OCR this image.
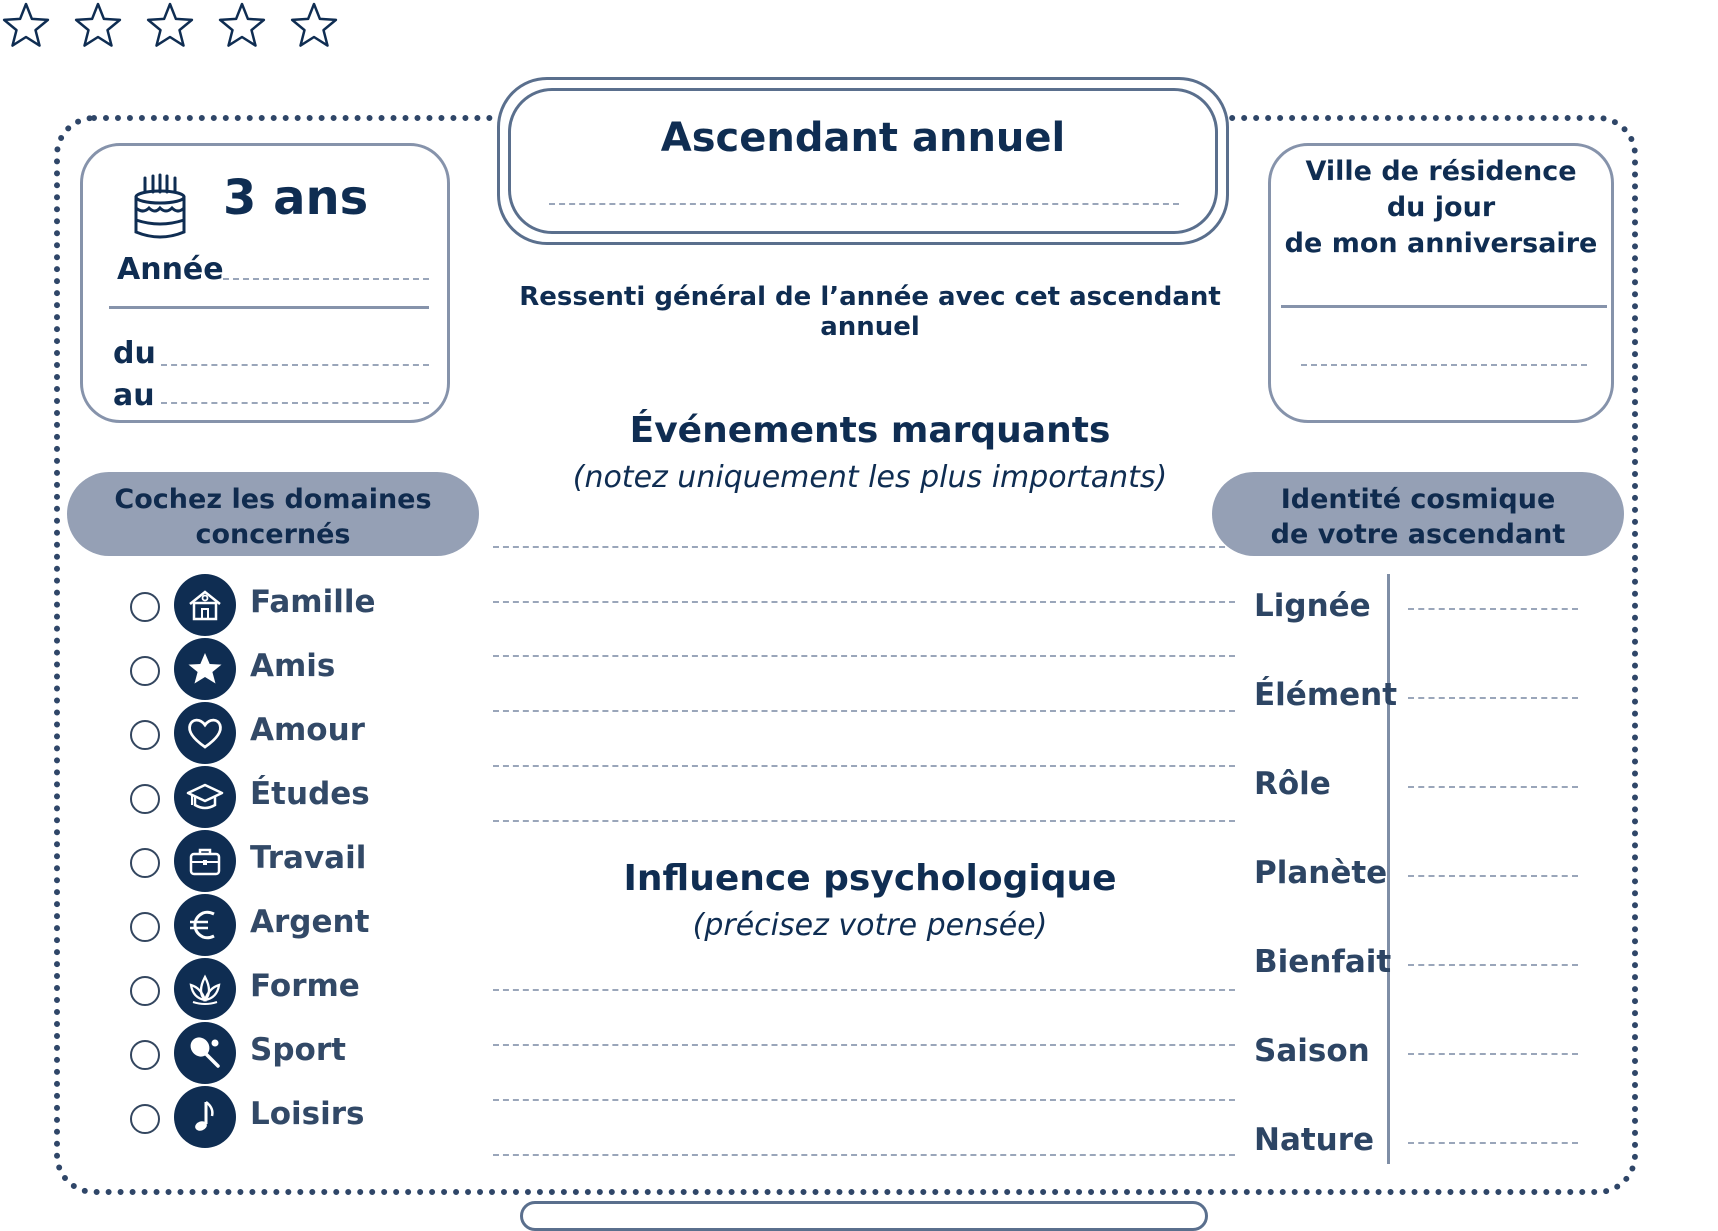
3 ans
Année
du
au
Ascendant annuel
Ville de résidence
du jour
de mon anniversaire
Ressenti général de l’année avec cet ascendant annuel
Événements marquants
(notez uniquement les plus importants)
Influence psychologique
(précisez votre pensée)
Cochez les domaines
concernés
Famille
Amis
Amour
Études
Travail
Argent
Forme
Sport
Loisirs
Identité cosmique
de votre ascendant
Lignée
Élément
Rôle
Planète
Bienfait
Saison
Nature
